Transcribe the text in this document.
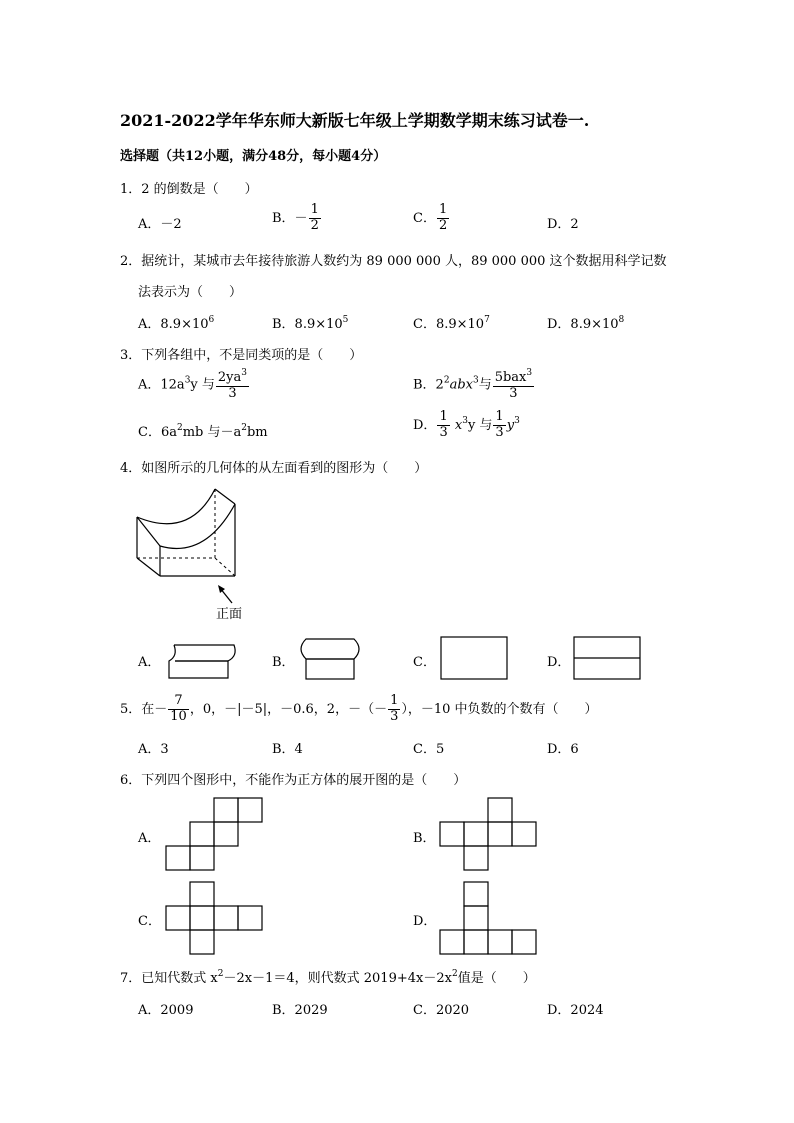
2021-2022学年华东师大新版七年级上学期数学期末练习试卷一.
选择题（共12小题，满分48分，每小题4分）
1．2 的倒数是（　　）
A．－2	B．－ $\frac{1}{2}$	C． $\frac{1}{2}$	D．2
2．据统计，某城市去年接待旅游人数约为 89 000 000 人，89 000 000 这个数据用科学记数
法表示为（　　）
A．$8.9\times 10^6$	B．$8.9\times 10^5$	C．$8.9\times 10^7$	D．$8.9\times 10^8$
3．下列各组中，不是同类项的是（　　）
A．$12a^3y$ 与 $\frac{2ya^3}{3}$	B．$2^2abx^3$与 $\frac{5bax^3}{3}$
C．$6a^2mb$ 与$-a^2bm$	D． $\frac{1}{3} x^3y$ 与 $\frac{1}{3} y^3$
4．如图所示的几何体的从左面看到的图形为（　　）
正面
A．	B．	C．	D．
5．在－ $\frac{7}{10}$ ，0，－|－5|，－0.6，2，－（－ $\frac{1}{3}$ ），－10 中负数的个数有（　　）
A．3	B．4	C．5	D．6
6．下列四个图形中，不能作为正方体的展开图的是（　　）
A．	B．
C．	D．
7．已知代数式 $x^2-2x-1=4$，则代数式 $2019+4x-2x^2$值是（　　）
A．2009	B．2029	C．2020	D．2024
